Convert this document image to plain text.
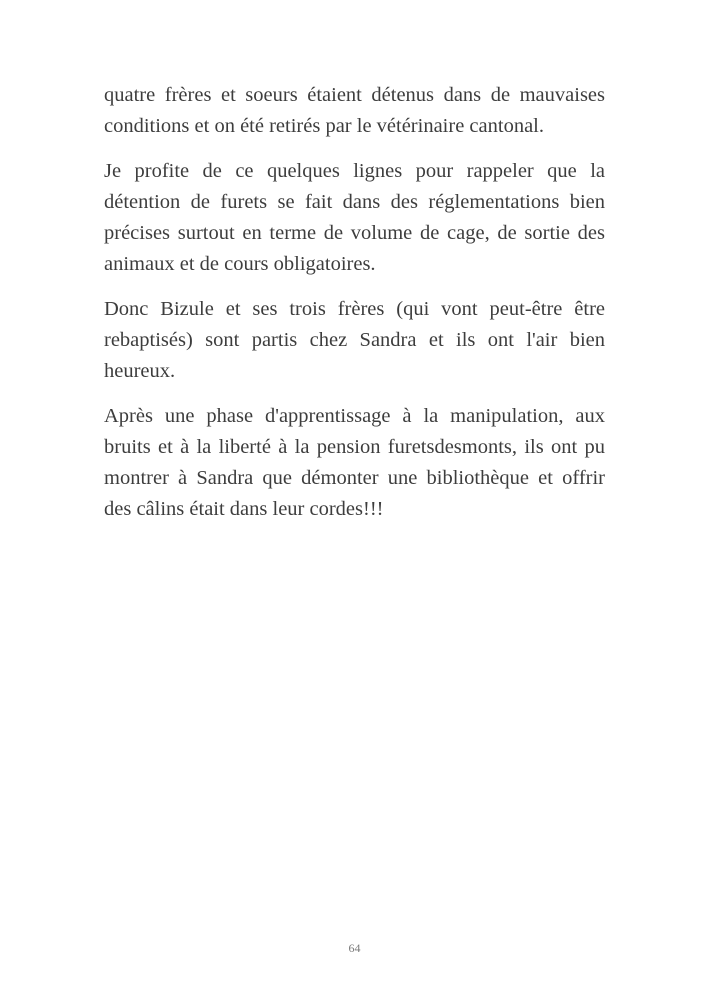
quatre frères et soeurs étaient détenus dans de mauvaises conditions et on été retirés par le vétérinaire cantonal.

Je profite de ce quelques lignes pour rappeler que la détention de furets se fait dans des réglementations bien précises surtout en terme de volume de cage, de sortie des animaux et de cours obligatoires.

Donc Bizule et ses trois frères (qui vont peut-être être rebaptisés) sont partis chez Sandra et ils ont l'air bien heureux.

Après une phase d'apprentissage à la manipulation, aux bruits et à la liberté à la pension furetsdesmonts, ils ont pu montrer à Sandra que démonter une bibliothèque et offrir des câlins était dans leur cordes!!!

64
